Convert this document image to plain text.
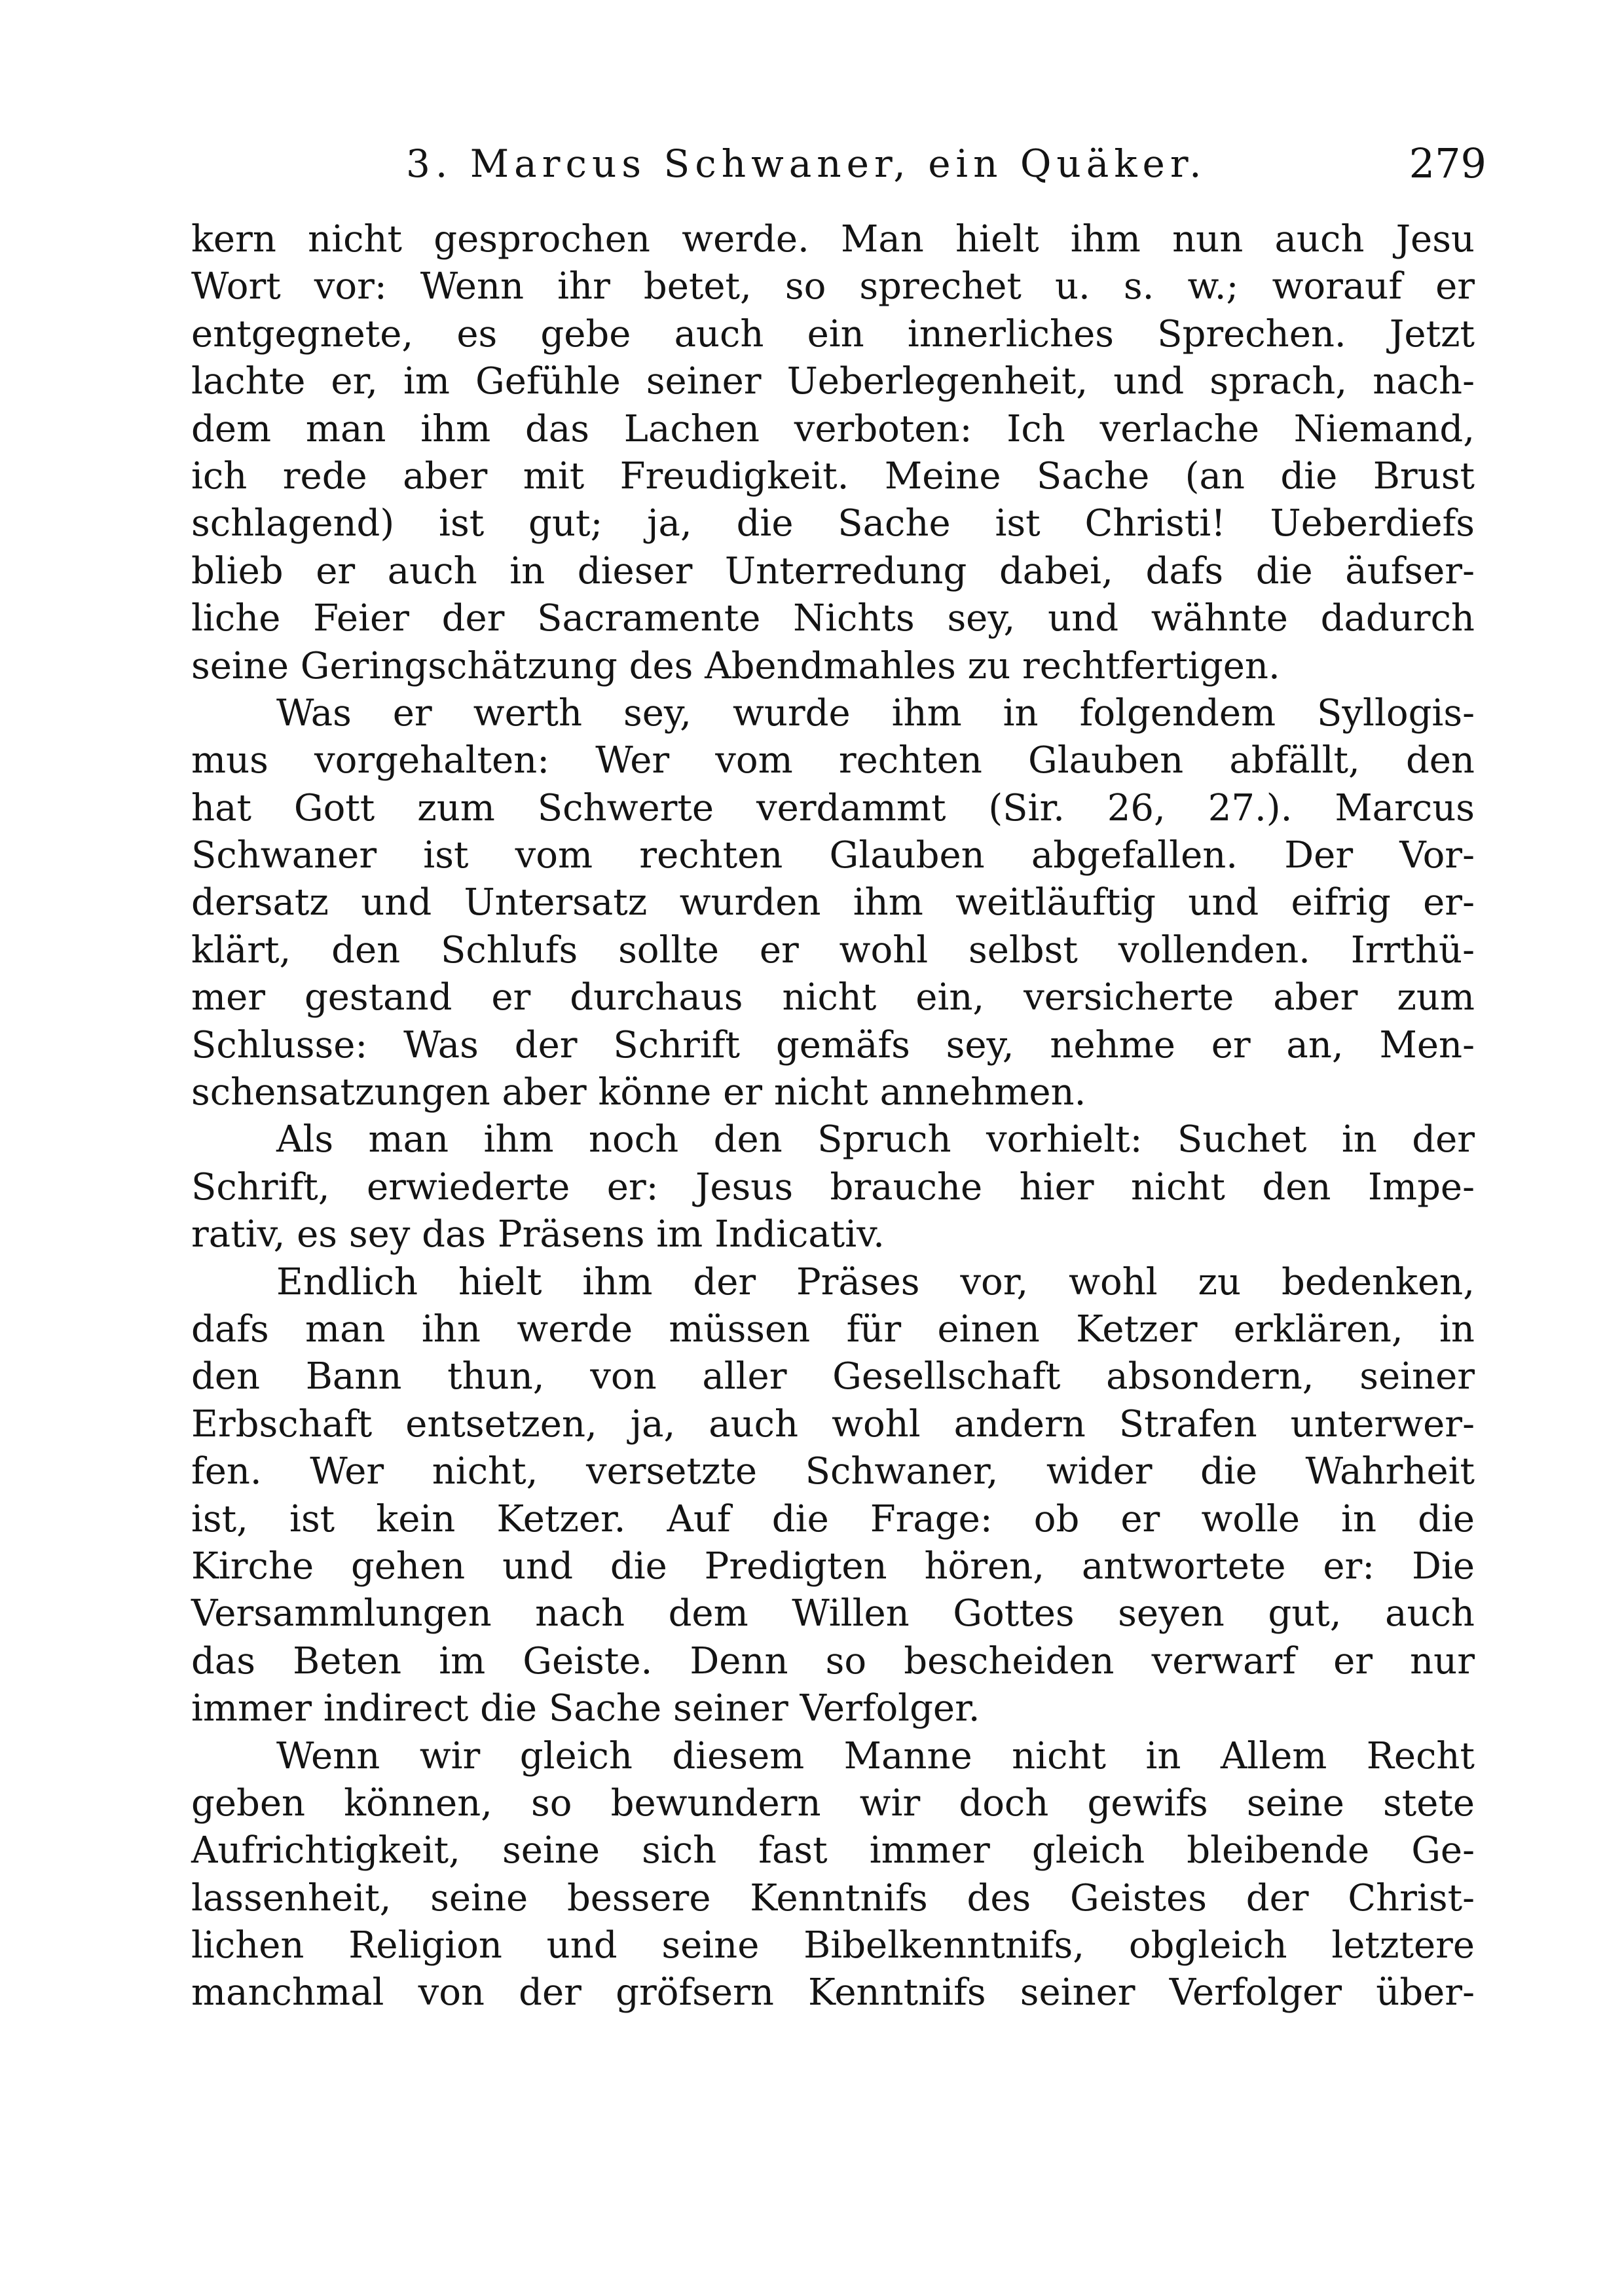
3. Marcus Schwaner, ein Quäker.	279
kern nicht gesprochen werde. Man hielt ihm nun auch Jesu
Wort vor: Wenn ihr betet, so sprechet u. s. w.; worauf er
entgegnete, es gebe auch ein innerliches Sprechen. Jetzt
lachte er, im Gefühle seiner Ueberlegenheit, und sprach, nach-
dem man ihm das Lachen verboten: Ich verlache Niemand,
ich rede aber mit Freudigkeit. Meine Sache (an die Brust
schlagend) ist gut; ja, die Sache ist Christi! Ueberdiefs
blieb er auch in dieser Unterredung dabei, dafs die äufser-
liche Feier der Sacramente Nichts sey, und wähnte dadurch
seine Geringschätzung des Abendmahles zu rechtfertigen.
Was er werth sey, wurde ihm in folgendem Syllogis-
mus vorgehalten: Wer vom rechten Glauben abfällt, den
hat Gott zum Schwerte verdammt (Sir. 26, 27.). Marcus
Schwaner ist vom rechten Glauben abgefallen. Der Vor-
dersatz und Untersatz wurden ihm weitläuftig und eifrig er-
klärt, den Schlufs sollte er wohl selbst vollenden. Irrthü-
mer gestand er durchaus nicht ein, versicherte aber zum
Schlusse: Was der Schrift gemäfs sey, nehme er an, Men-
schensatzungen aber könne er nicht annehmen.
Als man ihm noch den Spruch vorhielt: Suchet in der
Schrift, erwiederte er: Jesus brauche hier nicht den Impe-
rativ, es sey das Präsens im Indicativ.
Endlich hielt ihm der Präses vor, wohl zu bedenken,
dafs man ihn werde müssen für einen Ketzer erklären, in
den Bann thun, von aller Gesellschaft absondern, seiner
Erbschaft entsetzen, ja, auch wohl andern Strafen unterwer-
fen. Wer nicht, versetzte Schwaner, wider die Wahrheit
ist, ist kein Ketzer. Auf die Frage: ob er wolle in die
Kirche gehen und die Predigten hören, antwortete er: Die
Versammlungen nach dem Willen Gottes seyen gut, auch
das Beten im Geiste. Denn so bescheiden verwarf er nur
immer indirect die Sache seiner Verfolger.
Wenn wir gleich diesem Manne nicht in Allem Recht
geben können, so bewundern wir doch gewifs seine stete
Aufrichtigkeit, seine sich fast immer gleich bleibende Ge-
lassenheit, seine bessere Kenntnifs des Geistes der Christ-
lichen Religion und seine Bibelkenntnifs, obgleich letztere
manchmal von der gröfsern Kenntnifs seiner Verfolger über-
